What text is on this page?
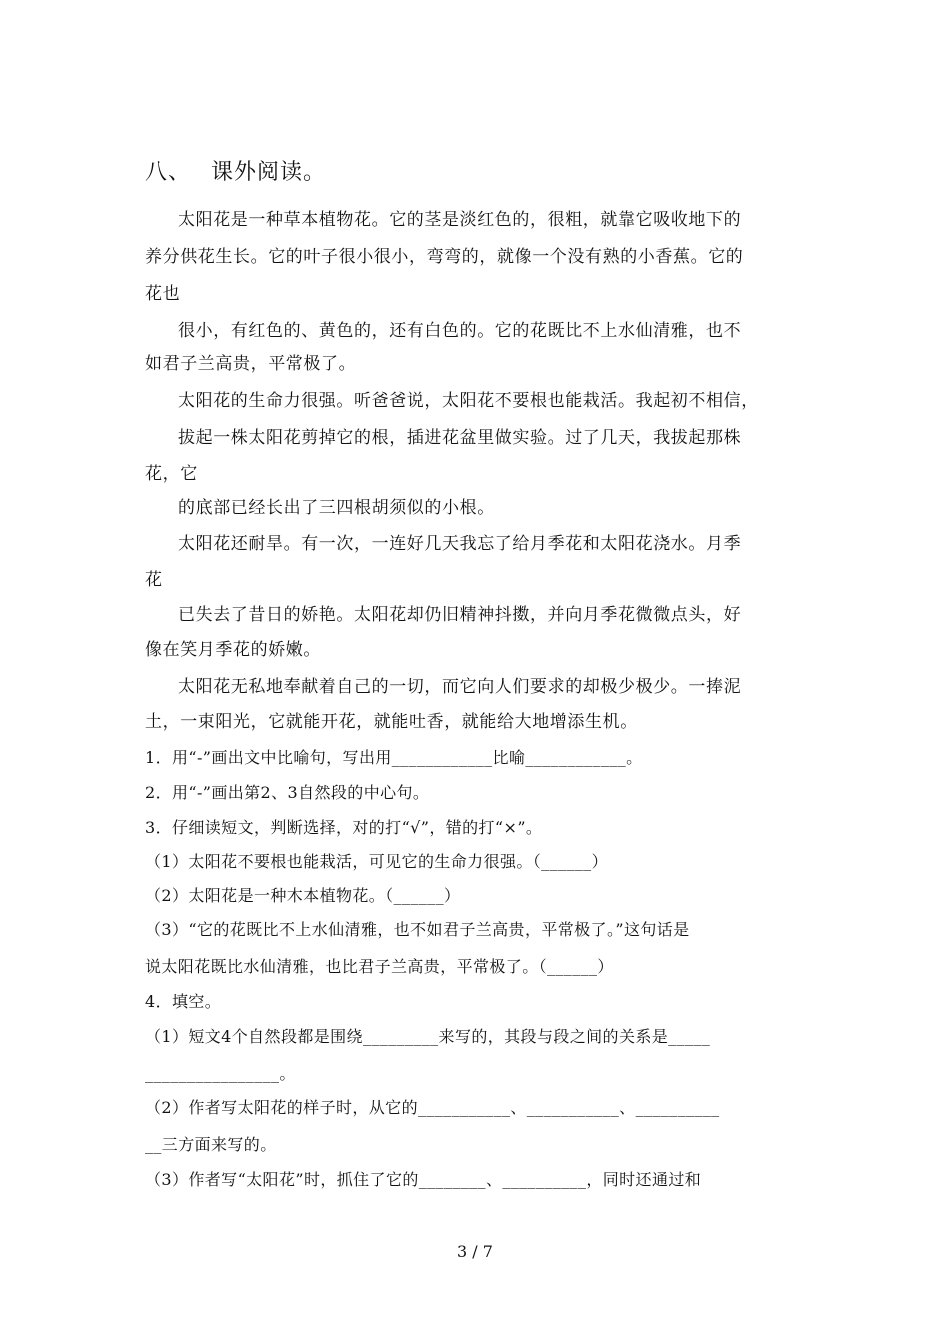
八、 课外阅读。
太阳花是一种草本植物花。它的茎是淡红色的，很粗，就靠它吸收地下的
养分供花生长。它的叶子很小很小，弯弯的，就像一个没有熟的小香蕉。它的
花也
很小，有红色的、黄色的，还有白色的。它的花既比不上水仙清雅，也不
如君子兰高贵，平常极了。
太阳花的生命力很强。听爸爸说，太阳花不要根也能栽活。我起初不相信，
拔起一株太阳花剪掉它的根，插进花盆里做实验。过了几天，我拔起那株
花，它
的底部已经长出了三四根胡须似的小根。
太阳花还耐旱。有一次，一连好几天我忘了给月季花和太阳花浇水。月季
花
已失去了昔日的娇艳。太阳花却仍旧精神抖擞，并向月季花微微点头，好
像在笑月季花的娇嫩。
太阳花无私地奉献着自己的一切，而它向人们要求的却极少极少。一捧泥
土，一束阳光，它就能开花，就能吐香，就能给大地增添生机。
1．用“-”画出文中比喻句，写出用____________比喻____________。
2．用“-”画出第2、3自然段的中心句。
3．仔细读短文，判断选择，对的打“√”，错的打“×”。
（1）太阳花不要根也能栽活，可见它的生命力很强。（______）
（2）太阳花是一种木本植物花。（______）
（3）“它的花既比不上水仙清雅，也不如君子兰高贵，平常极了。”这句话是
说太阳花既比水仙清雅，也比君子兰高贵，平常极了。（______）
4．填空。
（1）短文4个自然段都是围绕_________来写的，其段与段之间的关系是_____
________________。
（2）作者写太阳花的样子时，从它的___________、___________、__________
__三方面来写的。
（3）作者写“太阳花”时，抓住了它的________、__________，同时还通过和
3 / 7
